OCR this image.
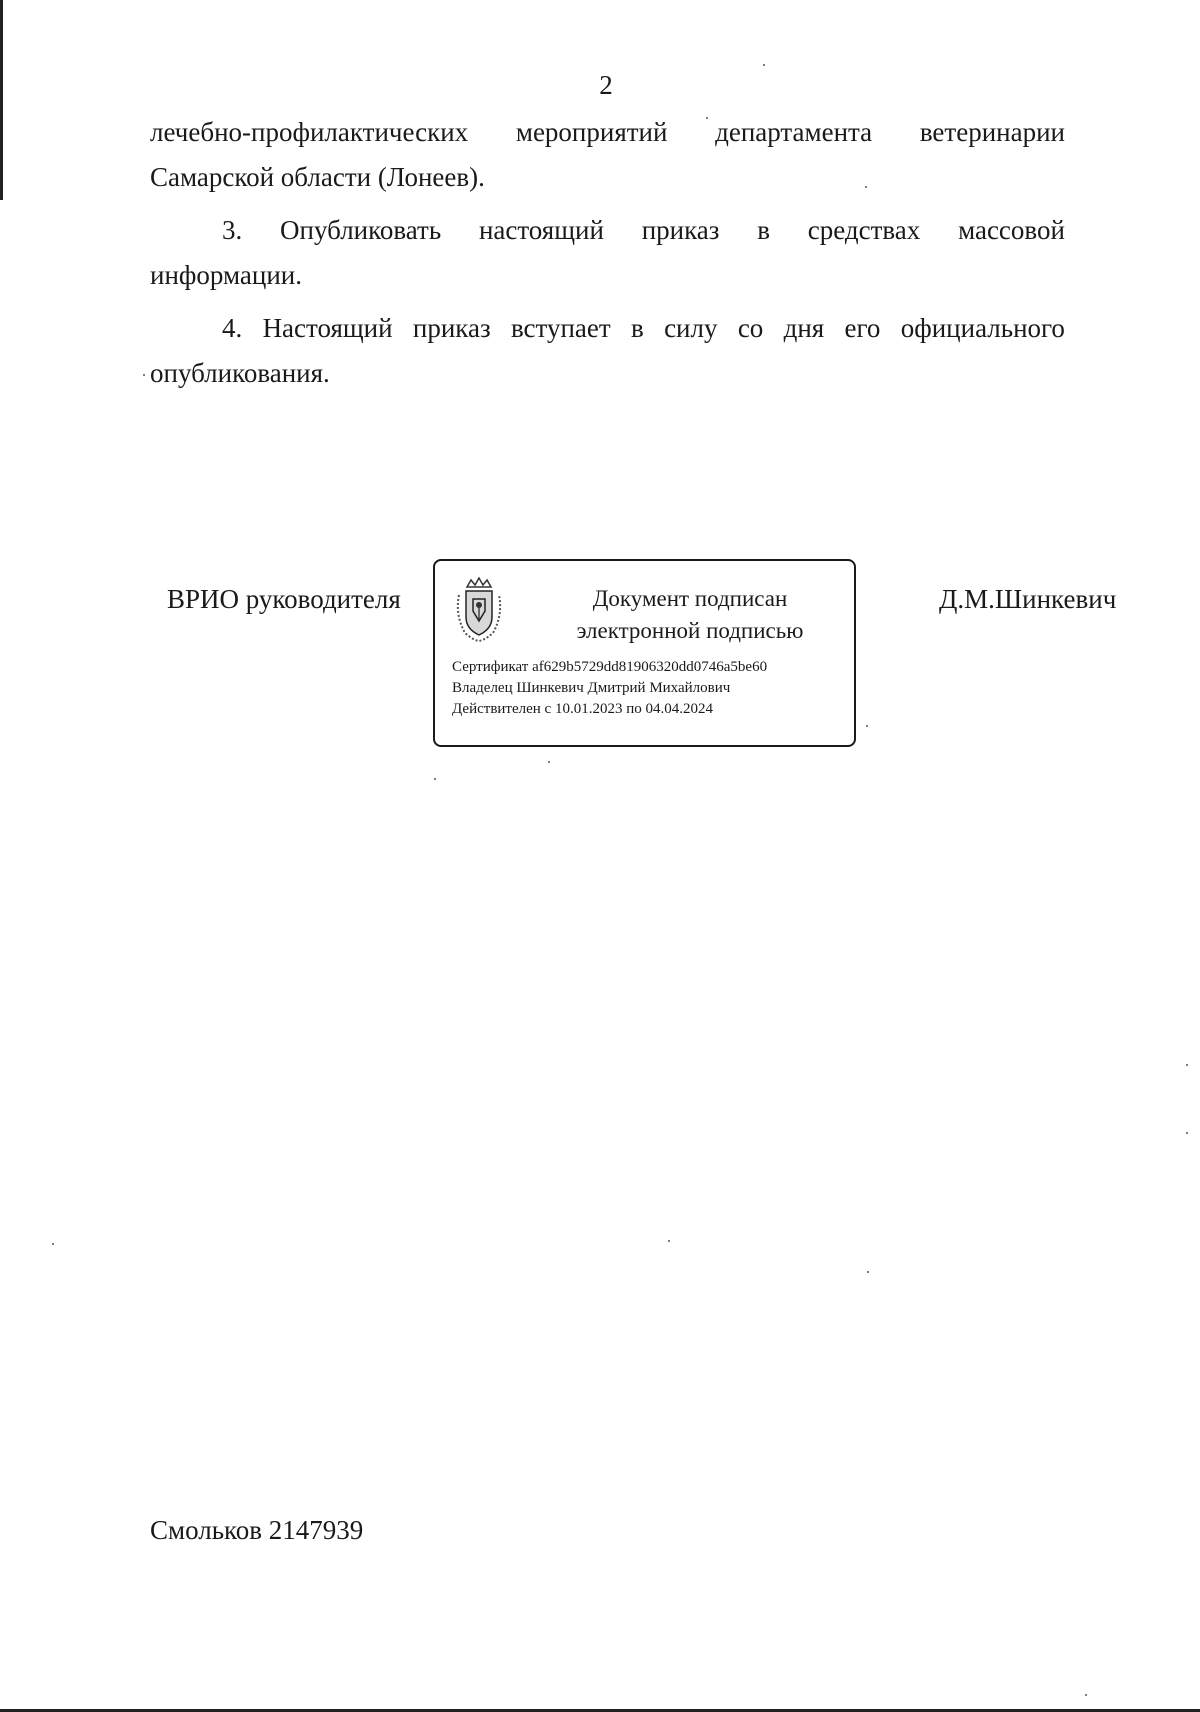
2
лечебно-профилактических мероприятий департамента ветеринарии
Самарской области (Лонеев).
3. Опубликовать настоящий приказ в средствах массовой
информации.
4. Настоящий приказ вступает в силу со дня его официального
опубликования.
ВРИО руководителя	Документ подписан
электронной подписью
Сертификат af629b5729dd81906320dd0746a5be60
Владелец Шинкевич Дмитрий Михайлович
Действителен с 10.01.2023 по 04.04.2024
Д.М.Шинкевич
Смольков 2147939
